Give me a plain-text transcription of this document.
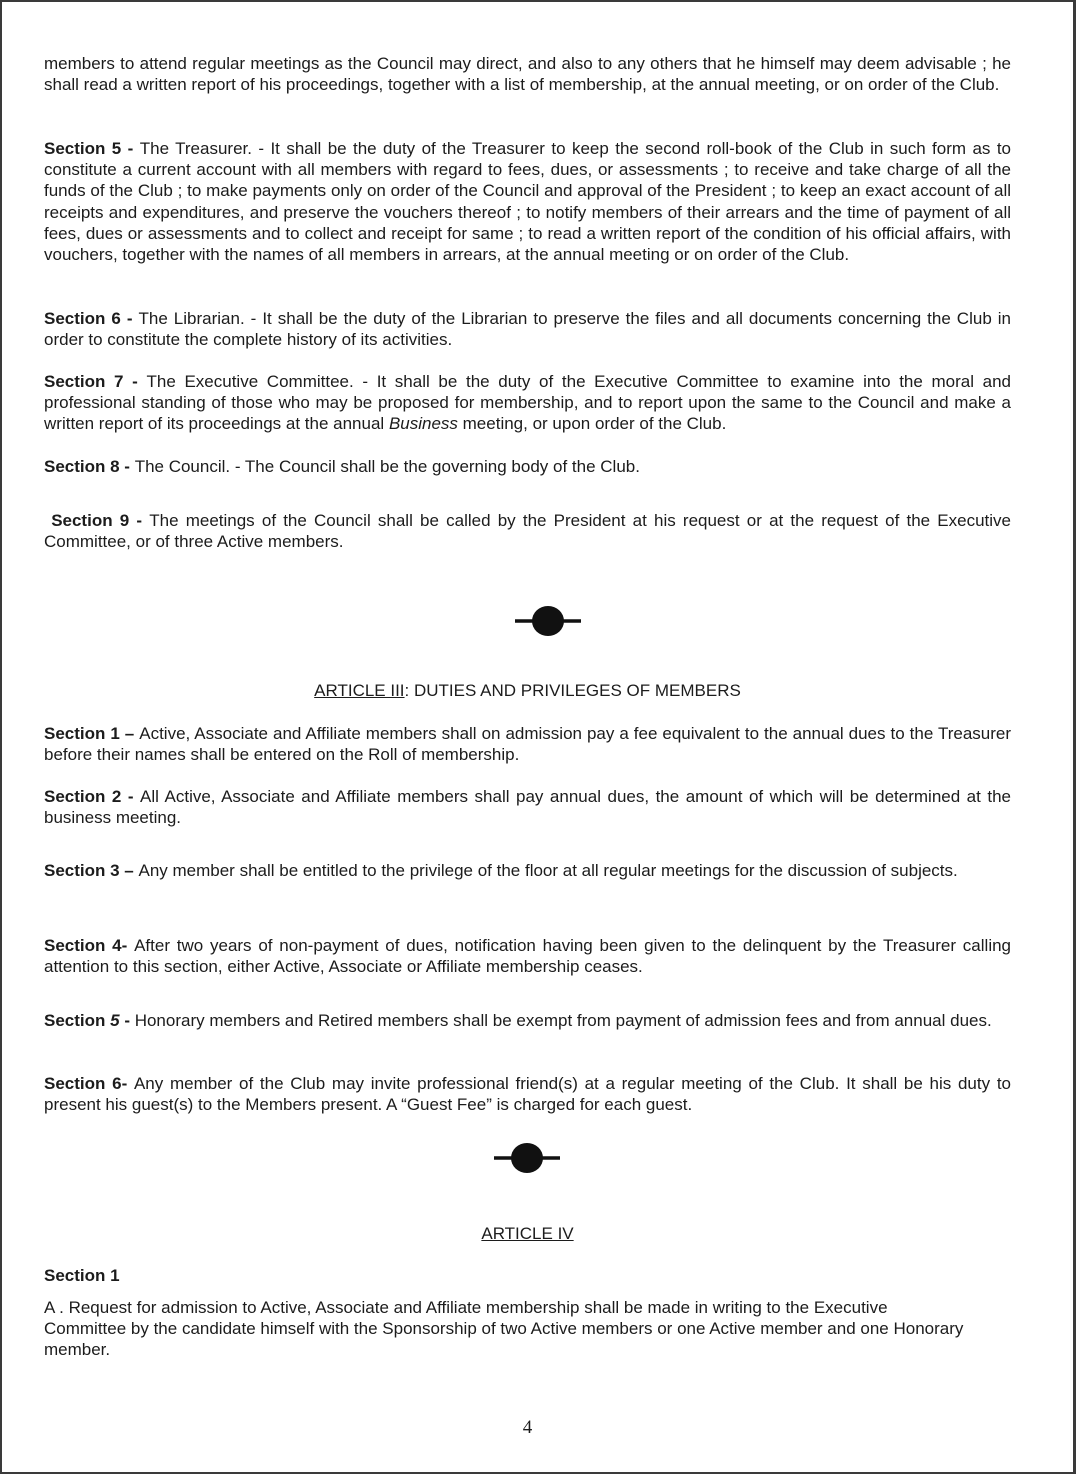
members to attend regular meetings as the Council may direct, and also to any others that he himself may deem advisable ; he shall read a written report of his proceedings, together with a list of membership, at the annual meeting, or on order of the Club.
Section 5 - The Treasurer. - It shall be the duty of the Treasurer to keep the second roll-book of the Club in such form as to constitute a current account with all members with regard to fees, dues, or assessments ; to receive and take charge of all the funds of the Club ; to make payments only on order of the Council and approval of the President ; to keep an exact account of all receipts and expenditures, and preserve the vouchers thereof ; to notify members of their arrears and the time of payment of all fees, dues or assessments and to collect and receipt for same ; to read a written report of the condition of his official affairs, with vouchers, together with the names of all members in arrears, at the annual meeting or on order of the Club.
Section 6 - The Librarian. - It shall be the duty of the Librarian to preserve the files and all documents concerning the Club in order to constitute the complete history of its activities.
Section 7 - The Executive Committee. - It shall be the duty of the Executive Committee to examine into the moral and professional standing of those who may be proposed for membership, and to report upon the same to the Council and make a written report of its proceedings at the annual Business meeting, or upon order of the Club.
Section 8 - The Council. - The Council shall be the governing body of the Club.
Section 9 - The meetings of the Council shall be called by the President at his request or at the request of the Executive Committee, or of three Active members.
ARTICLE III: DUTIES AND PRIVILEGES OF MEMBERS
Section 1 – Active, Associate and Affiliate members shall on admission pay a fee equivalent to the annual dues to the Treasurer before their names shall be entered on the Roll of membership.
Section 2 - All Active, Associate and Affiliate members shall pay annual dues, the amount of which will be determined at the business meeting.
Section 3 – Any member shall be entitled to the privilege of the floor at all regular meetings for the discussion of subjects.
Section 4- After two years of non-payment of dues, notification having been given to the delinquent by the Treasurer calling attention to this section, either Active, Associate or Affiliate membership ceases.
Section 5 - Honorary members and Retired members shall be exempt from payment of admission fees and from annual dues.
Section 6- Any member of the Club may invite professional friend(s) at a regular meeting of the Club. It shall be his duty to present his guest(s) to the Members present. A “Guest Fee” is charged for each guest.
ARTICLE IV
Section 1
A . Request for admission to Active, Associate and Affiliate membership shall be made in writing to the Executive Committee by the candidate himself with the Sponsorship of two Active members or one Active member and one Honorary member.
4
